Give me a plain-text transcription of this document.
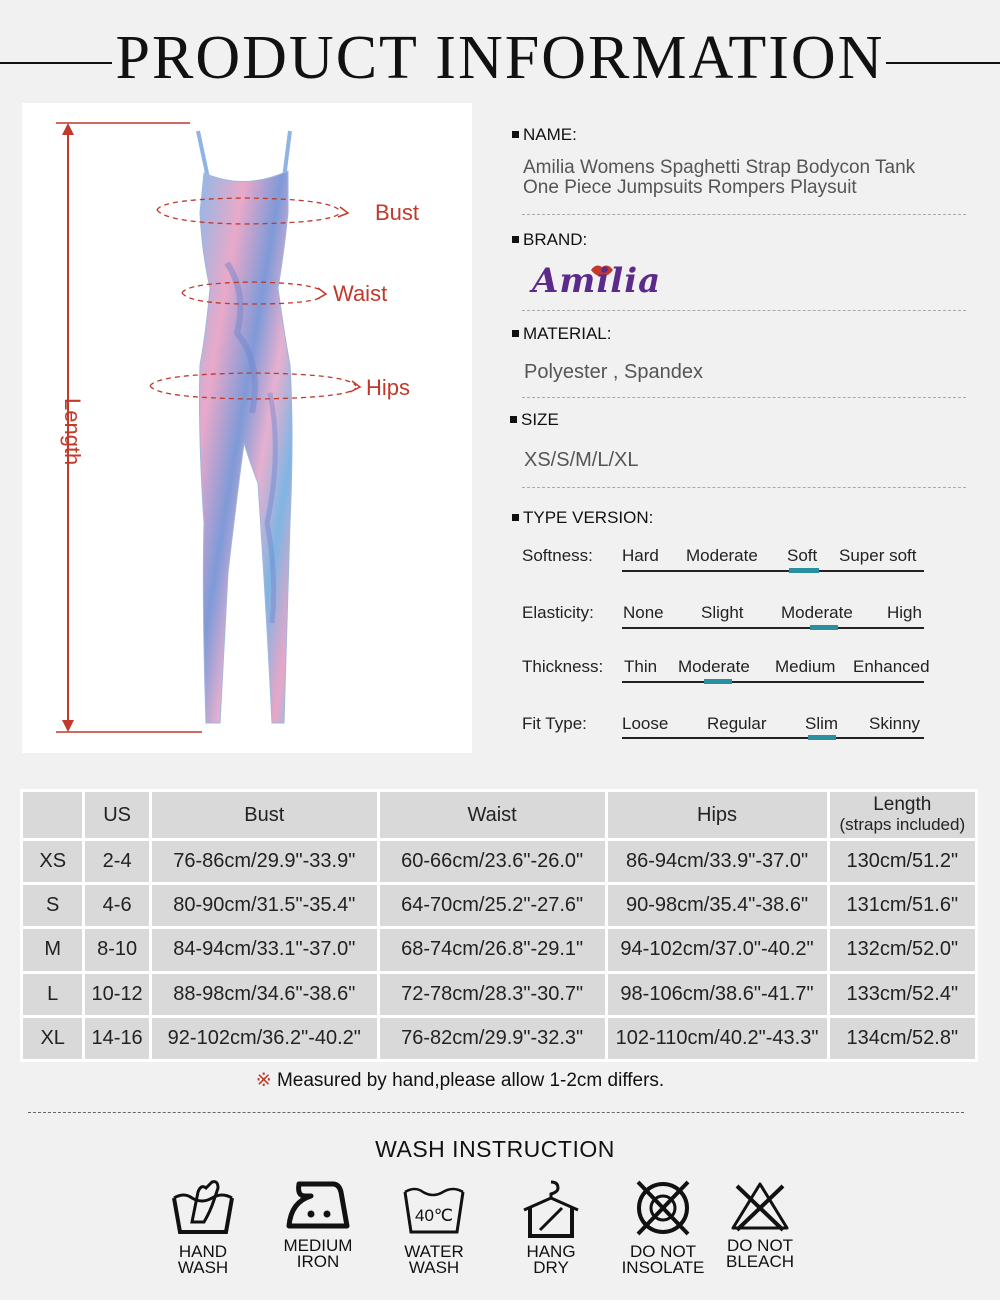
PRODUCT INFORMATION
Bust
Waist
Hips
Length
NAME:
Amilia Womens Spaghetti Strap Bodycon Tank
One Piece Jumpsuits Rompers Playsuit
BRAND:
Amilia
MATERIAL:
Polyester , Spandex
SIZE
XS/S/M/L/XL
TYPE VERSION:
Softness: Hard Moderate Soft Super soft
Elasticity: None Slight Moderate High
Thickness: Thin Moderate Medium Enhanced
Fit Type: Loose Regular Slim Skinny
	US	Bust	Waist	Hips	Length
(straps included)

XS	2-4	76-86cm/29.9"-33.9"	60-66cm/23.6"-26.0"	86-94cm/33.9"-37.0"	130cm/51.2"
S	4-6	80-90cm/31.5"-35.4"	64-70cm/25.2"-27.6"	90-98cm/35.4"-38.6"	131cm/51.6"
M	8-10	84-94cm/33.1"-37.0"	68-74cm/26.8"-29.1"	94-102cm/37.0"-40.2"	132cm/52.0"
L	10-12	88-98cm/34.6"-38.6"	72-78cm/28.3"-30.7"	98-106cm/38.6"-41.7"	133cm/52.4"
XL	14-16	92-102cm/36.2"-40.2"	76-82cm/29.9"-32.3"	102-110cm/40.2"-43.3"	134cm/52.8"
※ Measured by hand,please allow 1-2cm differs.
WASH INSTRUCTION
HAND
WASH
MEDIUM
IRON
40℃
WATER
WASH
HANG
DRY
DO NOT
INSOLATE
DO NOT
BLEACH
